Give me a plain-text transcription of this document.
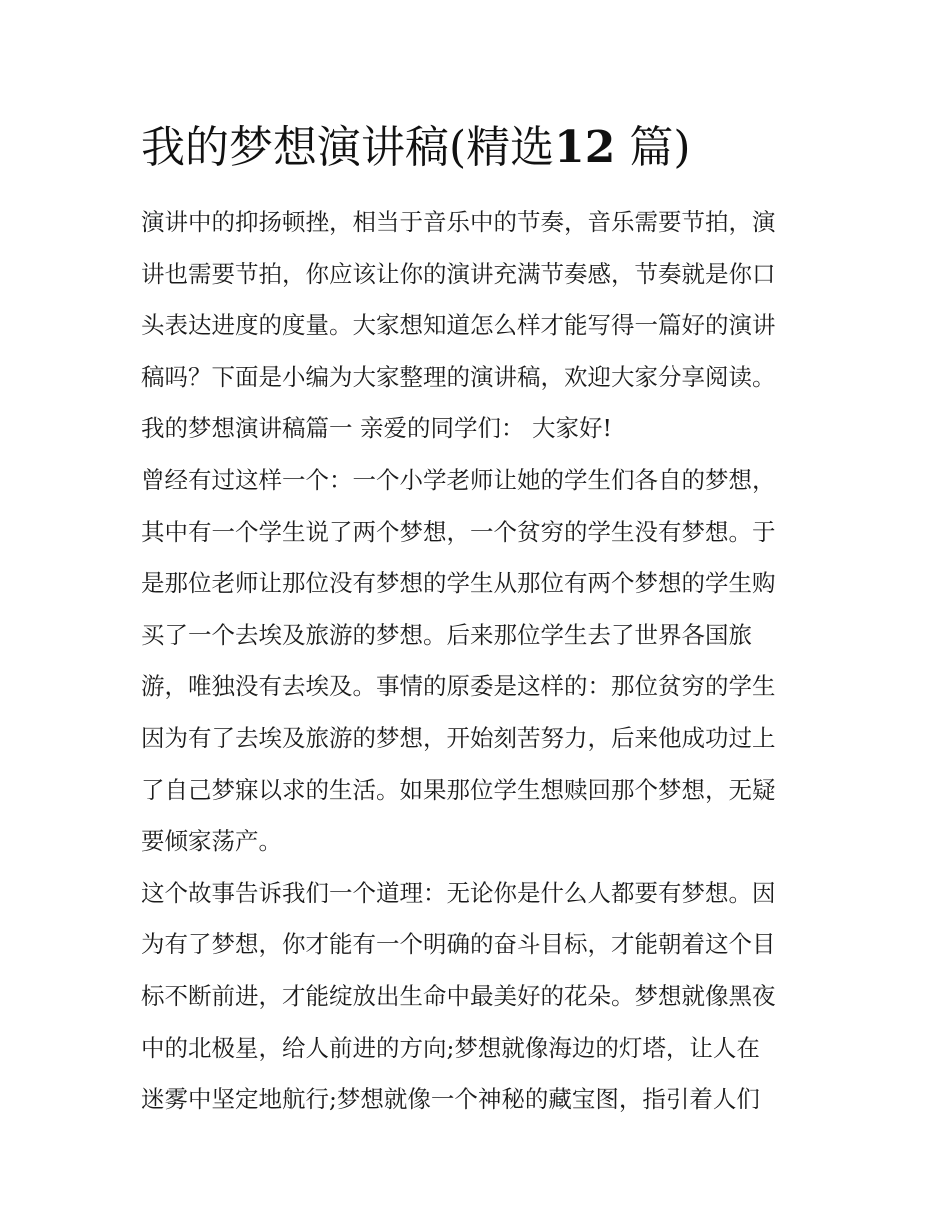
我的梦想演讲稿(精选12 篇)
演讲中的抑扬顿挫，相当于音乐中的节奏，音乐需要节拍，演
讲也需要节拍，你应该让你的演讲充满节奏感，节奏就是你口
头表达进度的度量。大家想知道怎么样才能写得一篇好的演讲
稿吗？下面是小编为大家整理的演讲稿，欢迎大家分享阅读。
我的梦想演讲稿篇一 亲爱的同学们： 大家好!
曾经有过这样一个：一个小学老师让她的学生们各自的梦想，
其中有一个学生说了两个梦想，一个贫穷的学生没有梦想。于
是那位老师让那位没有梦想的学生从那位有两个梦想的学生购
买了一个去埃及旅游的梦想。后来那位学生去了世界各国旅
游，唯独没有去埃及。事情的原委是这样的：那位贫穷的学生
因为有了去埃及旅游的梦想，开始刻苦努力，后来他成功过上
了自己梦寐以求的生活。如果那位学生想赎回那个梦想，无疑
要倾家荡产。
这个故事告诉我们一个道理：无论你是什么人都要有梦想。因
为有了梦想，你才能有一个明确的奋斗目标，才能朝着这个目
标不断前进，才能绽放出生命中最美好的花朵。梦想就像黑夜
中的北极星，给人前进的方向;梦想就像海边的灯塔，让人在
迷雾中坚定地航行;梦想就像一个神秘的藏宝图，指引着人们
